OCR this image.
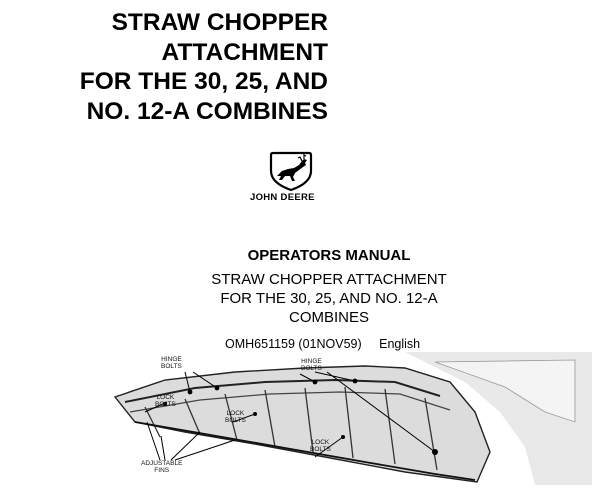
STRAW CHOPPER
ATTACHMENT
FOR THE 30, 25, AND
NO. 12-A COMBINES
JOHN DEERE
OPERATORS MANUAL
STRAW CHOPPER ATTACHMENT
FOR THE 30, 25, AND NO. 12-A
COMBINES
OMH651159 (01NOV59) English
HINGE
BOLTS
HINGE
BOLTS
LOCK
BOLTS
LOCK
BOLTS
LOCK
BOLTS
ADJUSTABLE
FINS
